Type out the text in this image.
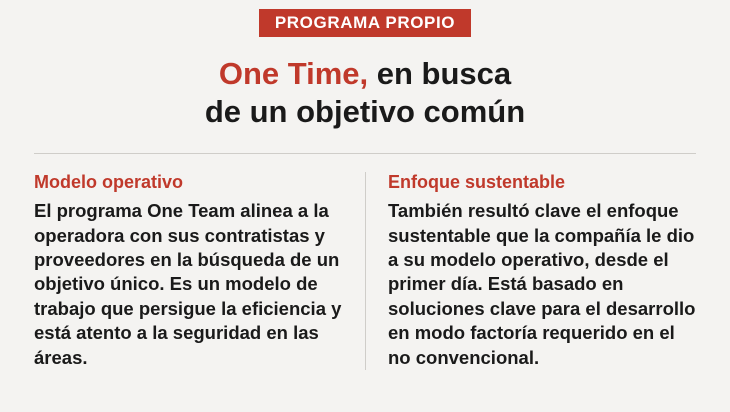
PROGRAMA PROPIO
One Time, en busca
de un objetivo común
Modelo operativo
El programa One Team alinea a la operadora con sus contratistas y proveedores en la búsqueda de un objetivo único. Es un modelo de trabajo que persigue la eficiencia y está atento a la seguridad en las áreas.
Enfoque sustentable
También resultó clave el enfoque sustentable que la compañía le dio a su modelo operativo, desde el primer día. Está basado en soluciones clave para el desarrollo en modo factoría requerido en el no convencional.
